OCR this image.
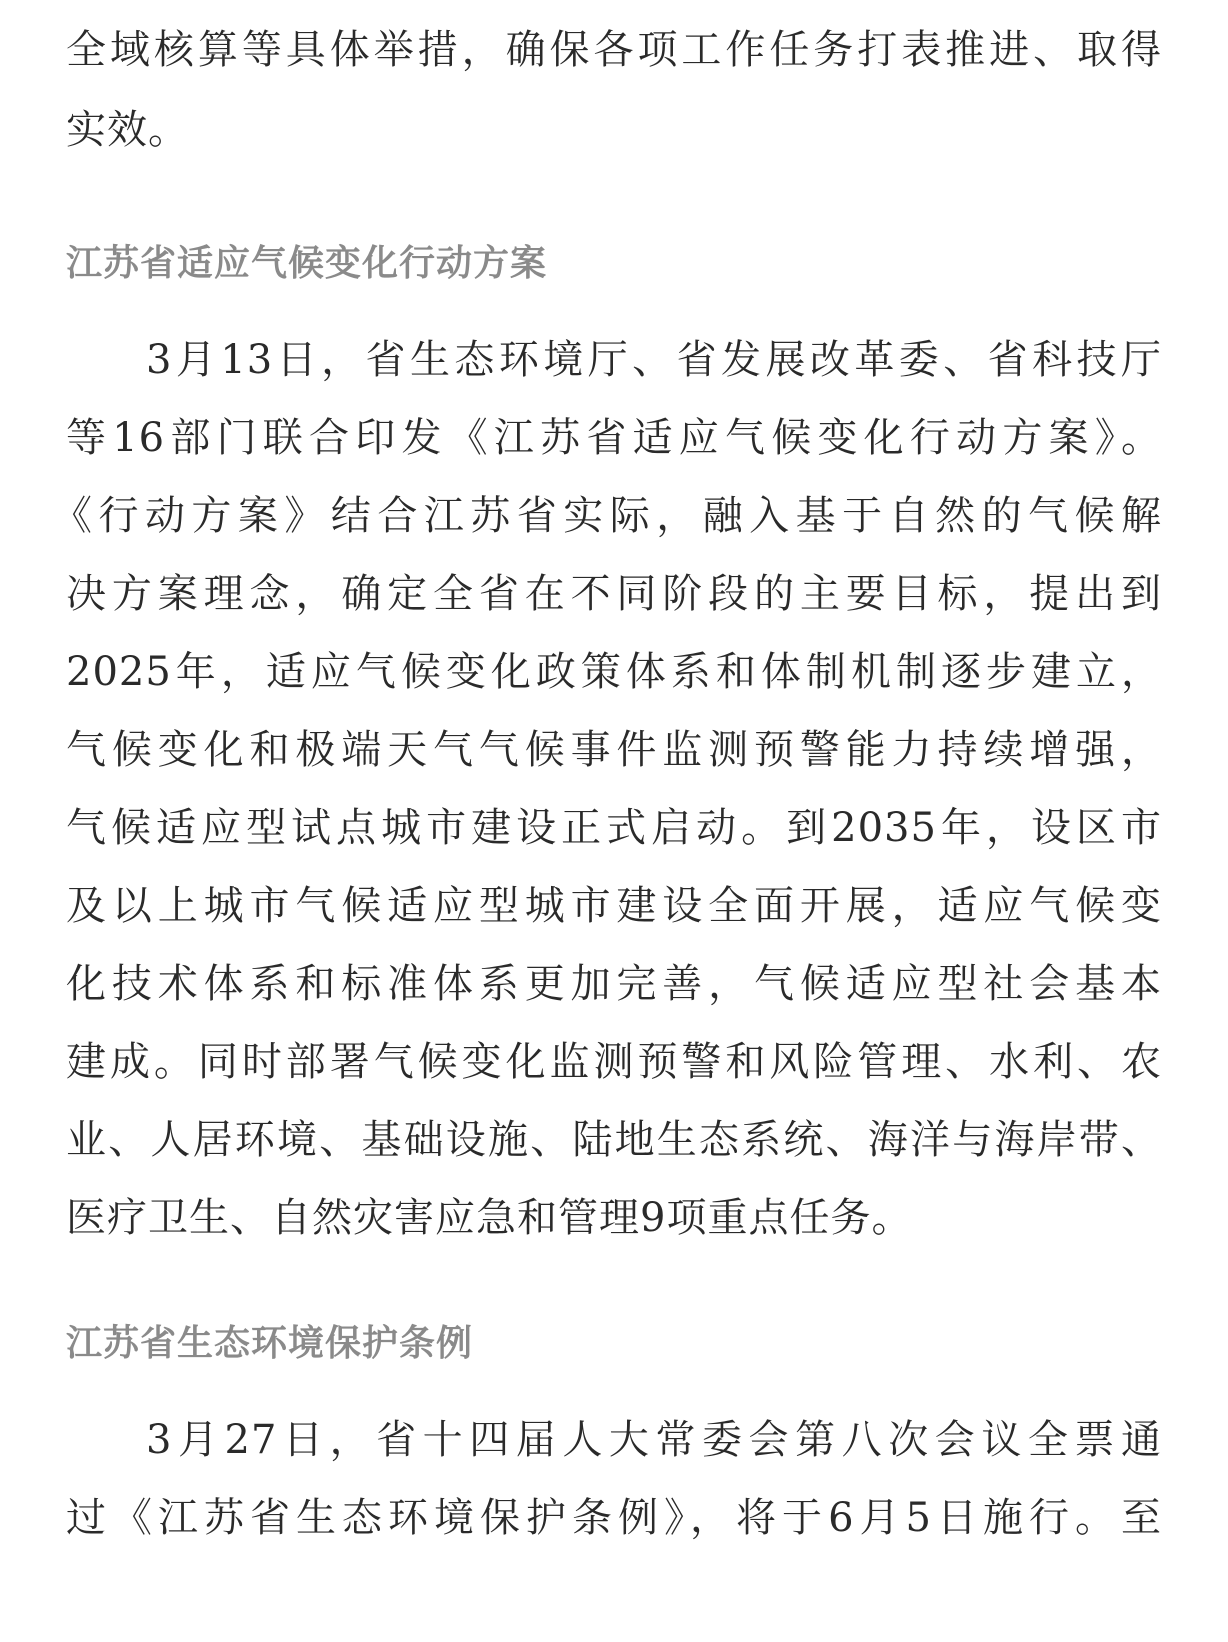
全域核算等具体举措，确保各项工作任务打表推进、取得
实效。
江苏省适应气候变化行动方案
3月13日，省生态环境厅、省发展改革委、省科技厅
等16部门联合印发《江苏省适应气候变化行动方案》。
《行动方案》结合江苏省实际，融入基于自然的气候解
决方案理念，确定全省在不同阶段的主要目标，提出到
2025年，适应气候变化政策体系和体制机制逐步建立，
气候变化和极端天气气候事件监测预警能力持续增强，
气候适应型试点城市建设正式启动。到2035年，设区市
及以上城市气候适应型城市建设全面开展，适应气候变
化技术体系和标准体系更加完善，气候适应型社会基本
建成。同时部署气候变化监测预警和风险管理、水利、农
业、人居环境、基础设施、陆地生态系统、海洋与海岸带、
医疗卫生、自然灾害应急和管理9项重点任务。
江苏省生态环境保护条例
3月27日，省十四届人大常委会第八次会议全票通
过《江苏省生态环境保护条例》，将于6月5日施行。至
